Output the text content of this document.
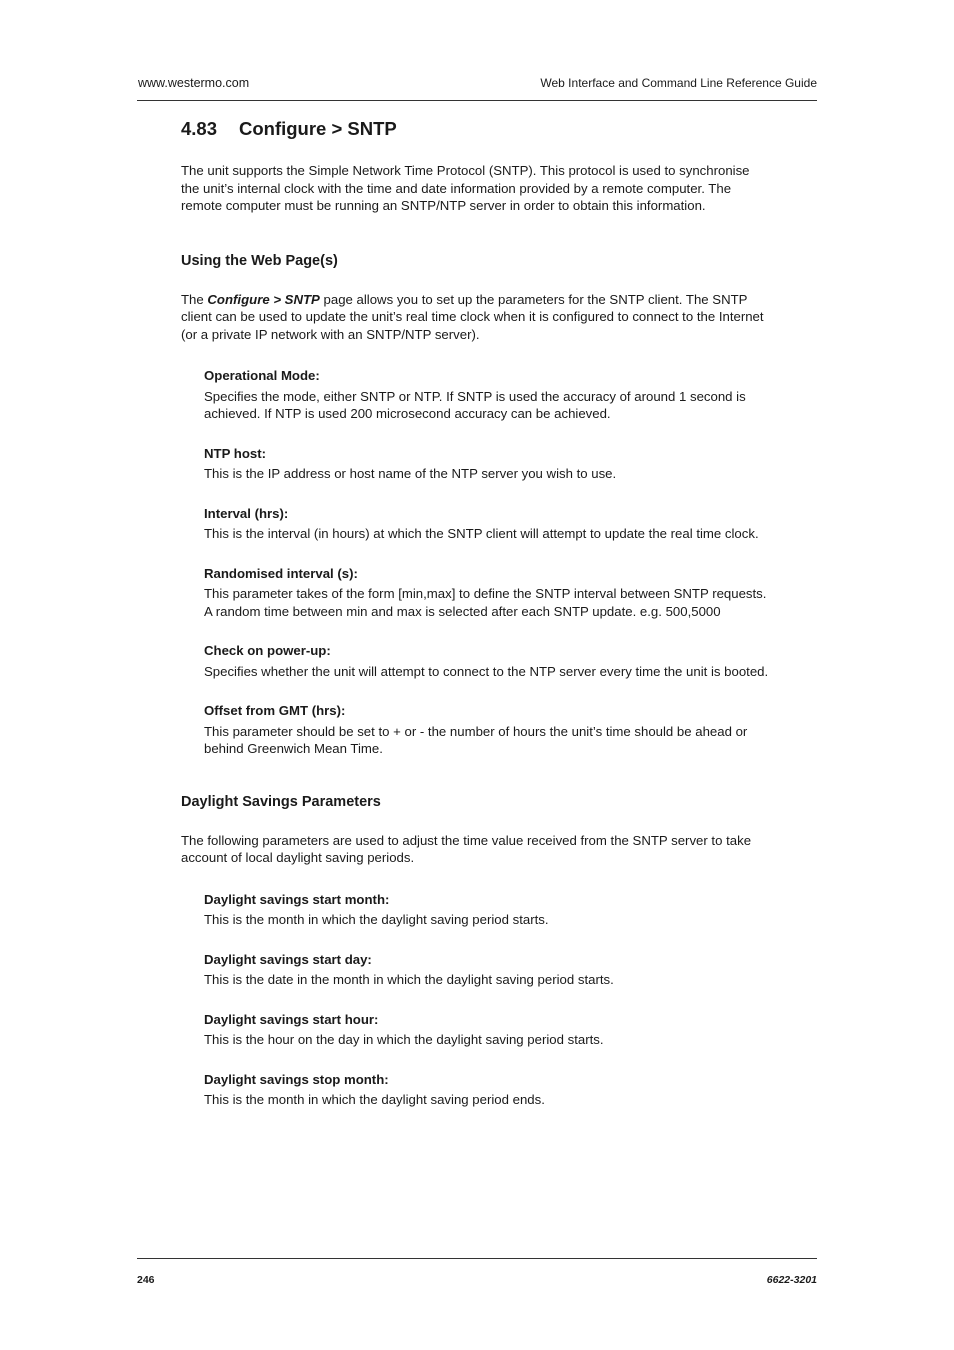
www.westermo.com	Web Interface and Command Line Reference Guide
4.83 Configure > SNTP

The unit supports the Simple Network Time Protocol (SNTP). This protocol is used to synchronise the unit’s internal clock with the time and date information provided by a remote computer. The remote computer must be running an SNTP/NTP server in order to obtain this information.

Using the Web Page(s)

The Configure > SNTP page allows you to set up the parameters for the SNTP client. The SNTP client can be used to update the unit’s real time clock when it is configured to connect to the Internet (or a private IP network with an SNTP/NTP server).

Operational Mode:

Specifies the mode, either SNTP or NTP. If SNTP is used the accuracy of around 1 second is achieved. If NTP is used 200 microsecond accuracy can be achieved.

NTP host:

This is the IP address or host name of the NTP server you wish to use.

Interval (hrs):

This is the interval (in hours) at which the SNTP client will attempt to update the real time clock.

Randomised interval (s):

This parameter takes of the form [min,max] to define the SNTP interval between SNTP requests. A random time between min and max is selected after each SNTP update. e.g. 500,5000

Check on power-up:

Specifies whether the unit will attempt to connect to the NTP server every time the unit is booted.

Offset from GMT (hrs):

This parameter should be set to + or - the number of hours the unit’s time should be ahead or behind Greenwich Mean Time.

Daylight Savings Parameters

The following parameters are used to adjust the time value received from the SNTP server to take account of local daylight saving periods.

Daylight savings start month:

This is the month in which the daylight saving period starts.

Daylight savings start day:

This is the date in the month in which the daylight saving period starts.

Daylight savings start hour:

This is the hour on the day in which the daylight saving period starts.

Daylight savings stop month:

This is the month in which the daylight saving period ends.

246	6622-3201
